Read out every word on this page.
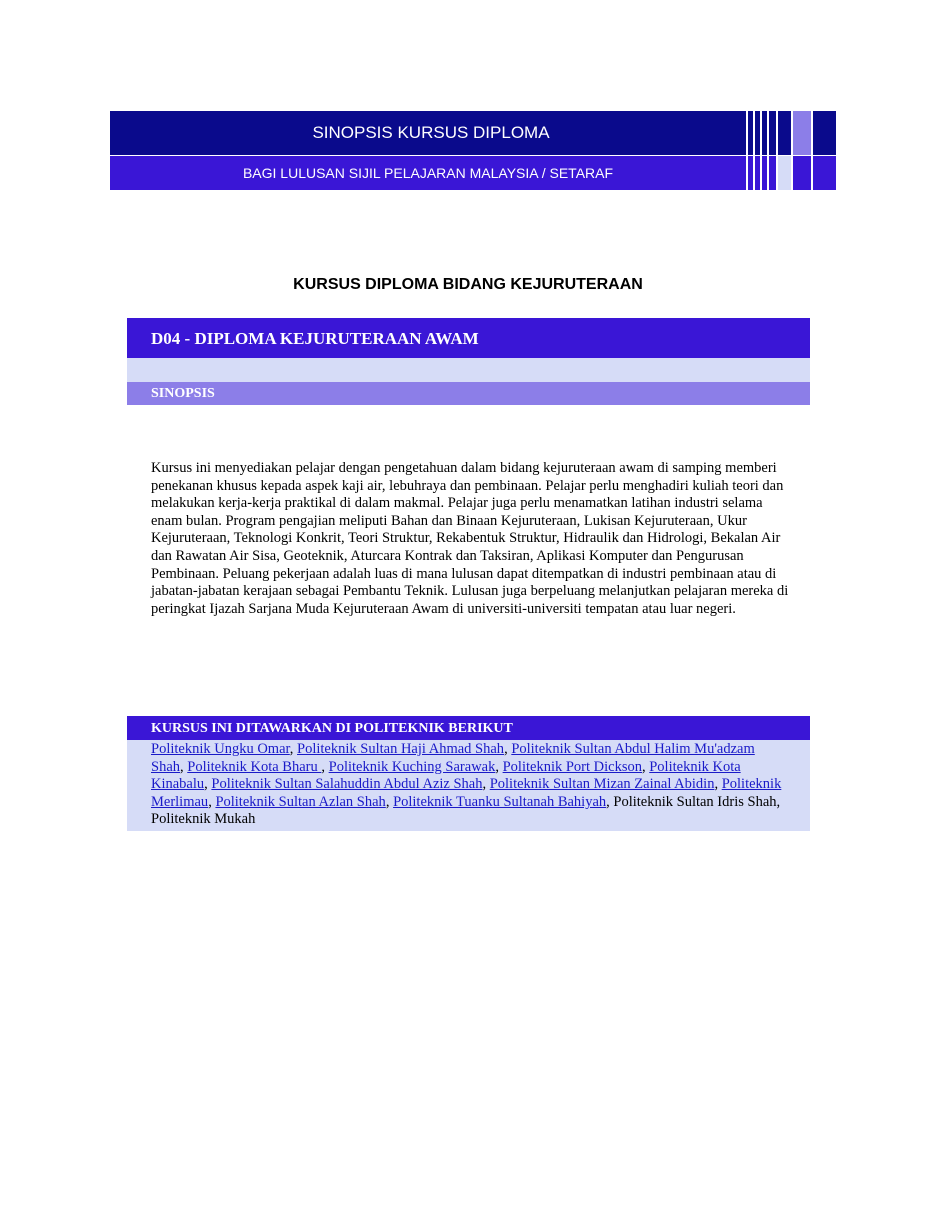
SINOPSIS KURSUS DIPLOMA
BAGI LULUSAN SIJIL PELAJARAN MALAYSIA / SETARAF
KURSUS DIPLOMA BIDANG KEJURUTERAAN
D04 - DIPLOMA KEJURUTERAAN AWAM
SINOPSIS

Kursus ini menyediakan pelajar dengan pengetahuan dalam bidang kejuruteraan awam di samping memberi penekanan khusus kepada aspek kaji air, lebuhraya dan pembinaan. Pelajar perlu menghadiri kuliah teori dan melakukan kerja-kerja praktikal di dalam makmal. Pelajar juga perlu menamatkan latihan industri selama enam bulan. Program pengajian meliputi Bahan dan Binaan Kejuruteraan, Lukisan Kejuruteraan, Ukur Kejuruteraan, Teknologi Konkrit, Teori Struktur, Rekabentuk Struktur, Hidraulik dan Hidrologi, Bekalan Air dan Rawatan Air Sisa, Geoteknik, Aturcara Kontrak dan Taksiran, Aplikasi Komputer dan Pengurusan Pembinaan. Peluang pekerjaan adalah luas di mana lulusan dapat ditempatkan di industri pembinaan atau di jabatan-jabatan kerajaan sebagai Pembantu Teknik. Lulusan juga berpeluang melanjutkan pelajaran mereka di peringkat Ijazah Sarjana Muda Kejuruteraan Awam di universiti-universiti tempatan atau luar negeri.

KURSUS INI DITAWARKAN DI POLITEKNIK BERIKUT
Politeknik Ungku Omar, Politeknik Sultan Haji Ahmad Shah, Politeknik Sultan Abdul Halim Mu'adzam Shah, Politeknik Kota Bharu , Politeknik Kuching Sarawak, Politeknik Port Dickson, Politeknik Kota Kinabalu, Politeknik Sultan Salahuddin Abdul Aziz Shah, Politeknik Sultan Mizan Zainal Abidin, Politeknik Merlimau, Politeknik Sultan Azlan Shah, Politeknik Tuanku Sultanah Bahiyah, Politeknik Sultan Idris Shah, Politeknik Mukah
